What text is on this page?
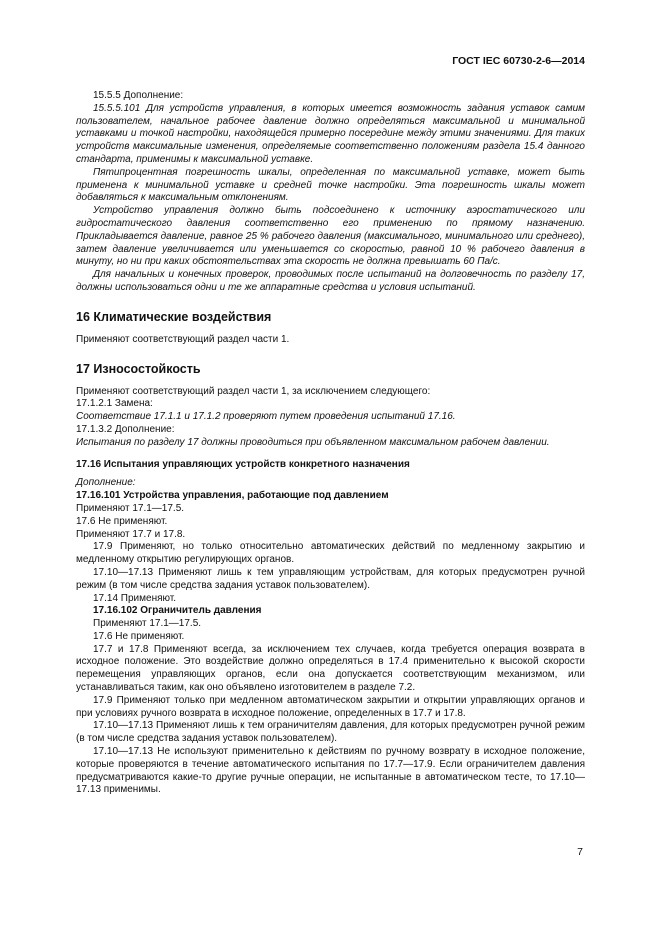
ГОСТ IEC 60730-2-6—2014

15.5.5 Дополнение:

15.5.5.101 Для устройств управления, в которых имеется возможность задания уставок самим пользователем, начальное рабочее давление должно определяться максимальной и минимальной уставками и точкой настройки, находящейся примерно посередине между этими значениями. Для таких устройств максимальные изменения, определяемые соответственно положениям раздела 15.4 данного стандарта, применимы к максимальной уставке.

Пятипроцентная погрешность шкалы, определенная по максимальной уставке, может быть применена к минимальной уставке и средней точке настройки. Эта погрешность шкалы может добавляться к максимальным отклонениям.

Устройство управления должно быть подсоединено к источнику аэростатического или гидростатического давления соответственно его применению по прямому назначению. Прикладывается давление, равное 25 % рабочего давления (максимального, минимального или среднего), затем давление увеличивается или уменьшается со скоростью, равной 10 % рабочего давления в минуту, но ни при каких обстоятельствах эта скорость не должна превышать 60 Па/с.

Для начальных и конечных проверок, проводимых после испытаний на долговечность по разделу 17, должны использоваться одни и те же аппаратные средства и условия испытаний.

16 Климатические воздействия

Применяют соответствующий раздел части 1.

17 Износостойкость

Применяют соответствующий раздел части 1, за исключением следующего:

17.1.2.1 Замена:

Соответствие 17.1.1 и 17.1.2 проверяют путем проведения испытаний 17.16.

17.1.3.2 Дополнение:

Испытания по разделу 17 должны проводиться при объявленном максимальном рабочем давлении.

17.16 Испытания управляющих устройств конкретного назначения

Дополнение:

17.16.101 Устройства управления, работающие под давлением

Применяют 17.1—17.5.

17.6 Не применяют.

Применяют 17.7 и 17.8.

17.9 Применяют, но только относительно автоматических действий по медленному закрытию и медленному открытию регулирующих органов.

17.10—17.13 Применяют лишь к тем управляющим устройствам, для которых предусмотрен ручной режим (в том числе средства задания уставок пользователем).

17.14 Применяют.

17.16.102 Ограничитель давления

Применяют 17.1—17.5.

17.6 Не применяют.

17.7 и 17.8 Применяют всегда, за исключением тех случаев, когда требуется операция возврата в исходное положение. Это воздействие должно определяться в 17.4 применительно к высокой скорости перемещения управляющих органов, если она допускается соответствующим механизмом, или устанавливаться таким, как оно объявлено изготовителем в разделе 7.2.

17.9 Применяют только при медленном автоматическом закрытии и открытии управляющих органов и при условиях ручного возврата в исходное положение, определенных в 17.7 и 17.8.

17.10—17.13 Применяют лишь к тем ограничителям давления, для которых предусмотрен ручной режим (в том числе средства задания уставок пользователем).

17.10—17.13 Не используют применительно к действиям по ручному возврату в исходное положение, которые проверяются в течение автоматического испытания по 17.7—17.9. Если ограничителем давления предусматриваются какие-то другие ручные операции, не испытанные в автоматическом тесте, то 17.10—17.13 применимы.

7
